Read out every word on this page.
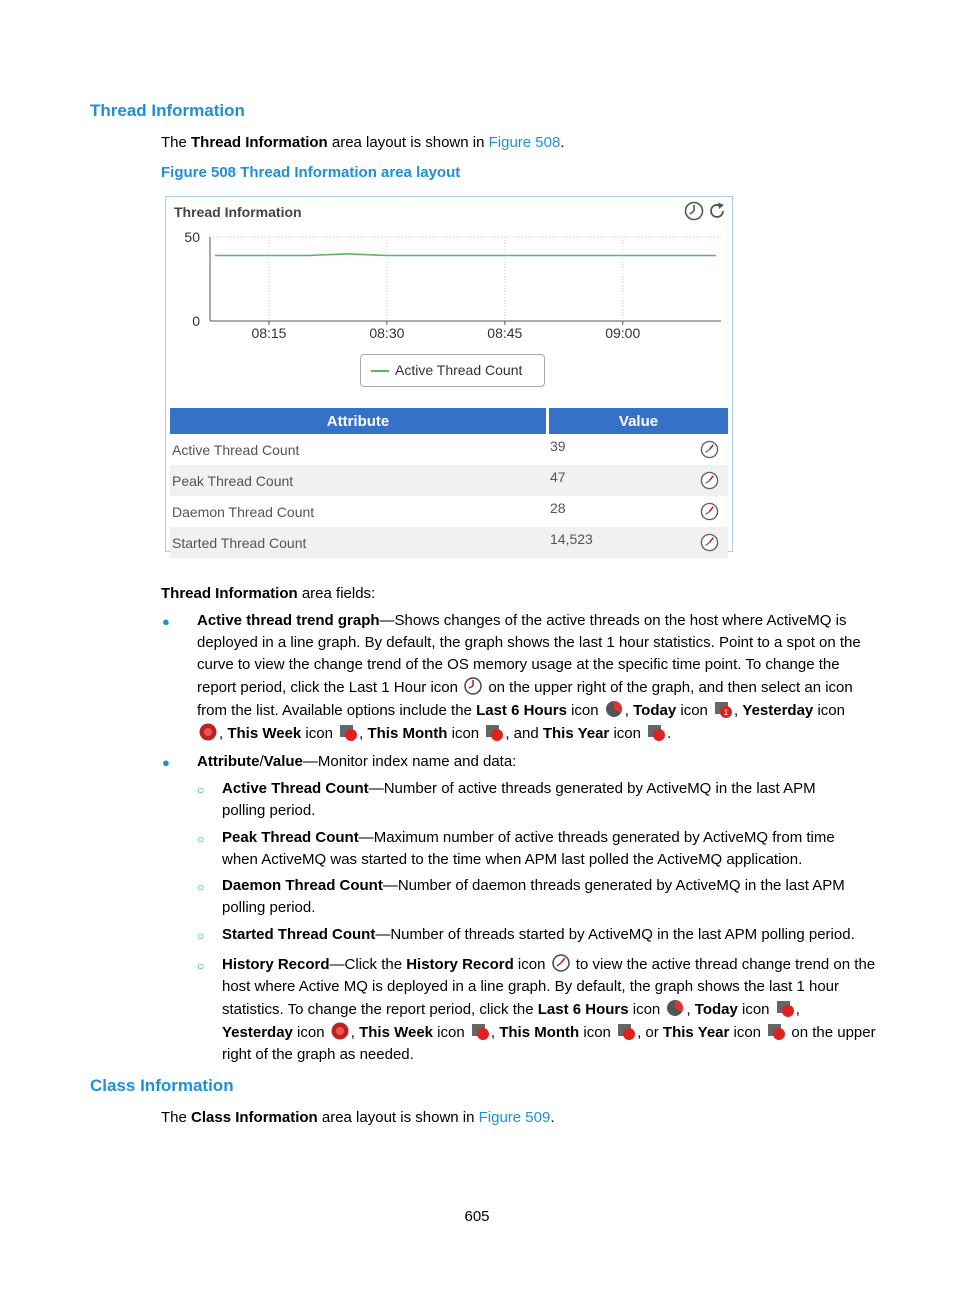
Thread Information
The Thread Information area layout is shown in Figure 508.
Figure 508 Thread Information area layout
Thread Information
50
0
08:15	08:30	08:45	09:00
Active Thread Count
Attribute		Value
Active Thread Count		39

Peak Thread Count		47

Daemon Thread Count		28

Started Thread Count		14,523
Thread Information area fields:
● Active thread trend graph—Shows changes of the active threads on the host where ActiveMQ is
deployed in a line graph. By default, the graph shows the last 1 hour statistics. Point to a spot on the
curve to view the change trend of the OS memory usage at the specific time point. To change the
report period, click the Last 1 Hour icon on the upper right of the graph, and then select an icon
from the list. Available options include the Last 6 Hours icon , Today icon 1 , Yesterday icon
, This Week icon , This Month icon , and This Year icon .
● Attribute/Value—Monitor index name and data:
○ Active Thread Count—Number of active threads generated by ActiveMQ in the last APM
polling period.
○ Peak Thread Count—Maximum number of active threads generated by ActiveMQ from time
when ActiveMQ was started to the time when APM last polled the ActiveMQ application.
○ Daemon Thread Count—Number of daemon threads generated by ActiveMQ in the last APM
polling period.
○ Started Thread Count—Number of threads started by ActiveMQ in the last APM polling period.
○ History Record—Click the History Record icon  to view the active thread change trend on the
host where Active MQ is deployed in a line graph. By default, the graph shows the last 1 hour
statistics. To change the report period, click the Last 6 Hours icon , Today icon ,
Yesterday icon , This Week icon , This Month icon , or This Year icon  on the upper
right of the graph as needed.
Class Information
The Class Information area layout is shown in Figure 509.
605
